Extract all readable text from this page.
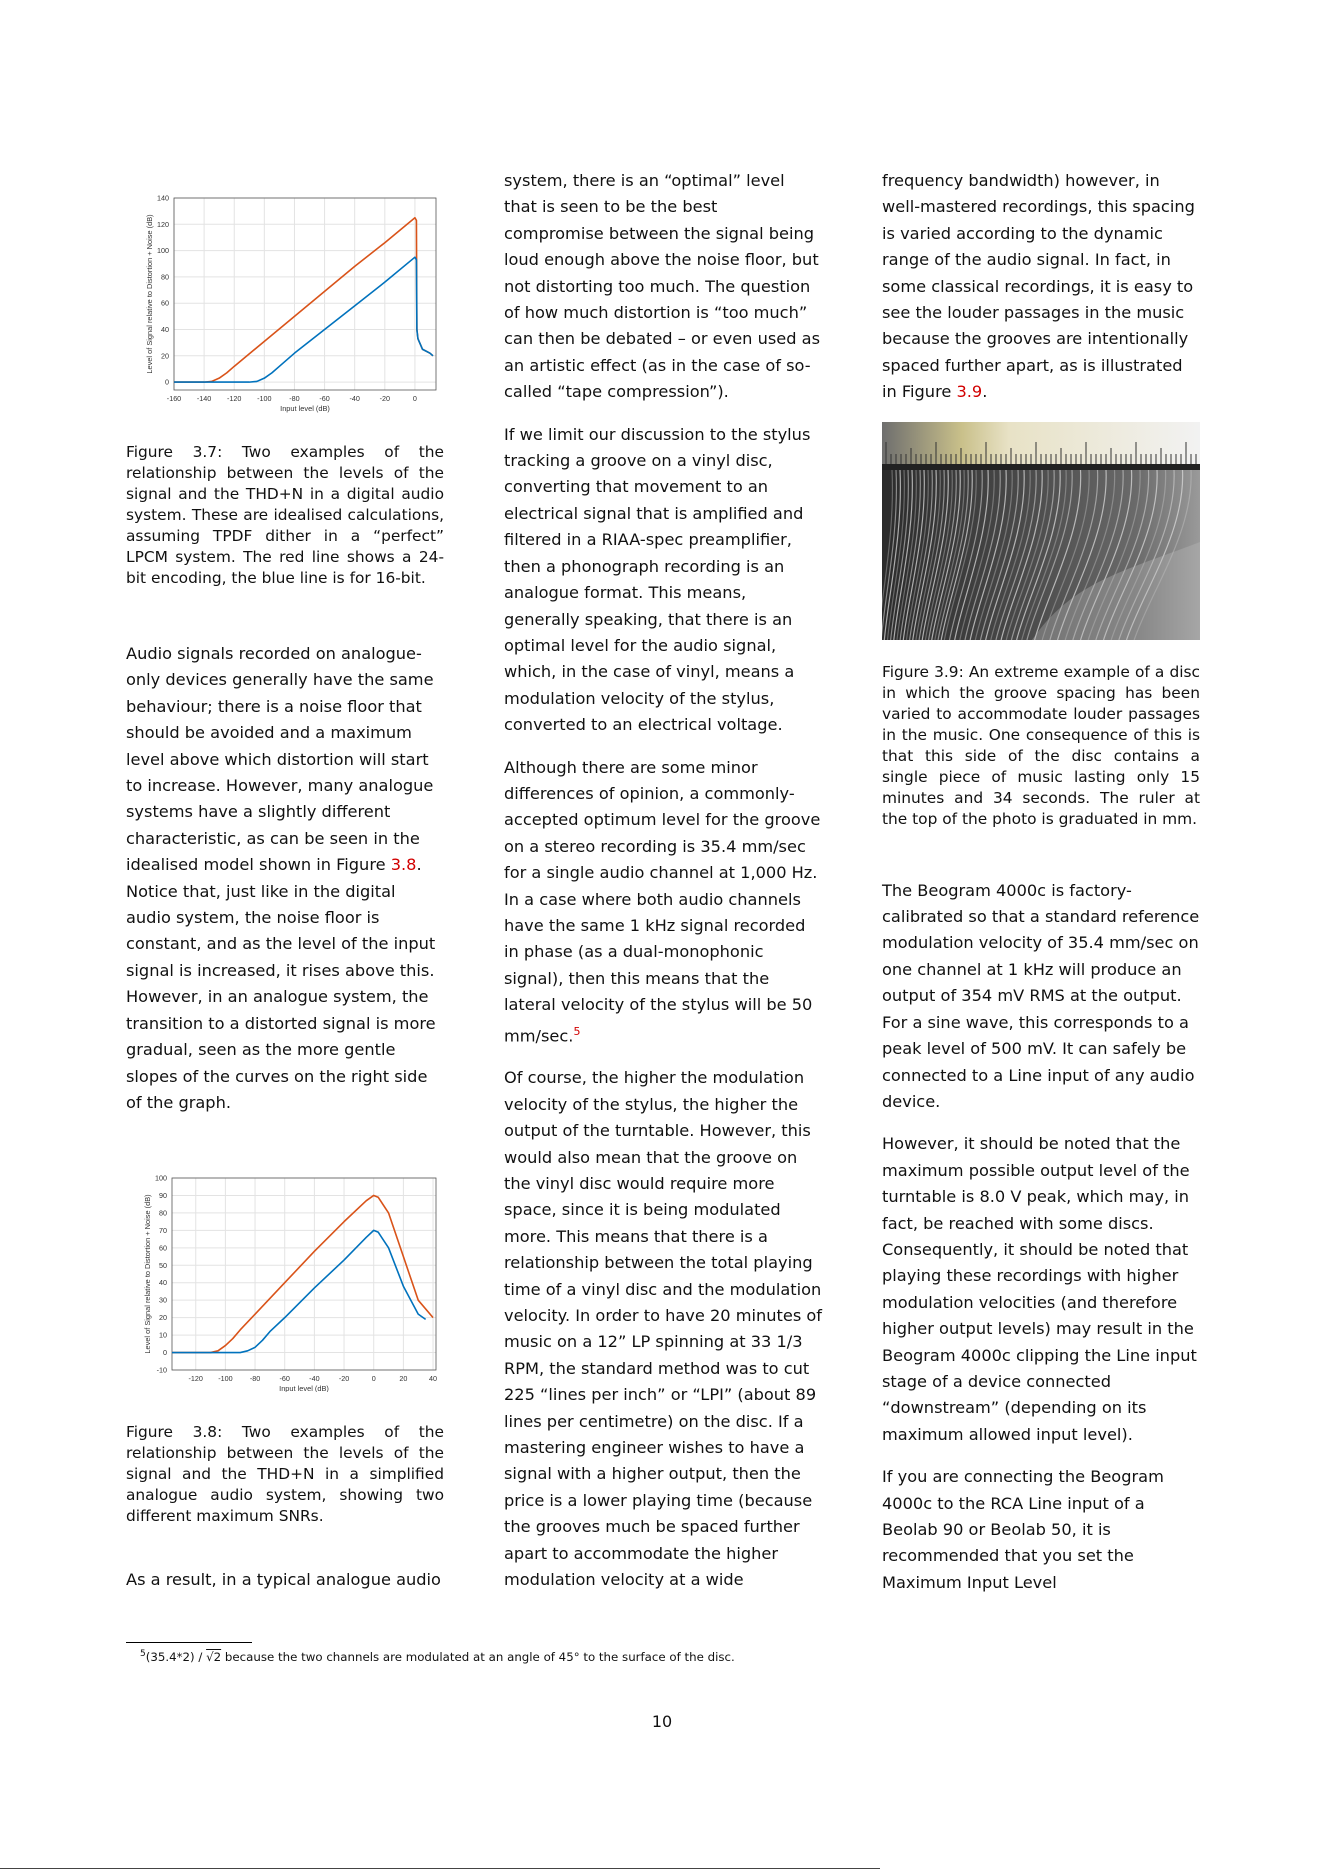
-160 -140 -120 -100 -80	-60	-40	-20	0
0
20
40
60
80
100
120
140
Input level (dB)
Level of Signal relative to Distortion + Noise (dB)

Figure 3.7: Two examples of the relationship between the levels of the signal and the THD+N in a digital audio system. These are idealised calculations, assuming TPDF dither in a “perfect” LPCM system. The red line shows a 24-bit encoding, the blue line is for 16-bit.

Audio signals recorded on analogue-only devices generally have the same behaviour; there is a noise floor that should be avoided and a maximum level above which distortion will start to increase. However, many analogue systems have a slightly different characteristic, as can be seen in the idealised model shown in Figure 3.8. Notice that, just like in the digital audio system, the noise floor is constant, and as the level of the input signal is increased, it rises above this. However, in an analogue system, the transition to a distorted signal is more gradual, seen as the more gentle slopes of the curves on the right side of the graph.

-120 -100 -80	-60	-40	-20	0	20	40
-10
0
10
20
30
40
50
60
70
80
90
100
Input level (dB)
Level of Signal relative to Distortion + Noise (dB)

Figure 3.8: Two examples of the relationship between the levels of the signal and the THD+N in a simplified analogue audio system, showing two different maximum SNRs.

As a result, in a typical analogue audio

system, there is an “optimal” level that is seen to be the best compromise between the signal being loud enough above the noise floor, but not distorting too much. The question of how much distortion is “too much” can then be debated – or even used as an artistic effect (as in the case of so-called “tape compression”).

If we limit our discussion to the stylus tracking a groove on a vinyl disc, converting that movement to an electrical signal that is amplified and filtered in a RIAA-spec preamplifier, then a phonograph recording is an analogue format. This means, generally speaking, that there is an optimal level for the audio signal, which, in the case of vinyl, means a modulation velocity of the stylus, converted to an electrical voltage.

Although there are some minor differences of opinion, a commonly-accepted optimum level for the groove on a stereo recording is 35.4 mm/sec for a single audio channel at 1,000 Hz. In a case where both audio channels have the same 1 kHz signal recorded in phase (as a dual-monophonic signal), then this means that the lateral velocity of the stylus will be 50 mm/sec.$^5$

Of course, the higher the modulation velocity of the stylus, the higher the output of the turntable. However, this would also mean that the groove on the vinyl disc would require more space, since it is being modulated more. This means that there is a relationship between the total playing time of a vinyl disc and the modulation velocity. In order to have 20 minutes of music on a 12” LP spinning at 33 1/3 RPM, the standard method was to cut 225 “lines per inch” or “LPI” (about 89 lines per centimetre) on the disc. If a mastering engineer wishes to have a signal with a higher output, then the price is a lower playing time (because the grooves much be spaced further apart to accommodate the higher modulation velocity at a wide

frequency bandwidth) however, in well-mastered recordings, this spacing is varied according to the dynamic range of the audio signal. In fact, in some classical recordings, it is easy to see the louder passages in the music because the grooves are intentionally spaced further apart, as is illustrated in Figure 3.9.

Figure 3.9: An extreme example of a disc in which the groove spacing has been varied to accommodate louder passages in the music. One consequence of this is that this side of the disc contains a single piece of music lasting only 15 minutes and 34 seconds. The ruler at the top of the photo is graduated in mm.

The Beogram 4000c is factory-calibrated so that a standard reference modulation velocity of 35.4 mm/sec on one channel at 1 kHz will produce an output of 354 mV RMS at the output. For a sine wave, this corresponds to a peak level of 500 mV. It can safely be connected to a Line input of any audio device.

However, it should be noted that the maximum possible output level of the turntable is 8.0 V peak, which may, in fact, be reached with some discs. Consequently, it should be noted that playing these recordings with higher modulation velocities (and therefore higher output levels) may result in the Beogram 4000c clipping the Line input stage of a device connected “downstream” (depending on its maximum allowed input level).

If you are connecting the Beogram 4000c to the RCA Line input of a Beolab 90 or Beolab 50, it is recommended that you set the Maximum Input Level

$^5$(35.4*2) / √2 because the two channels are modulated at an angle of 45° to the surface of the disc.
10
